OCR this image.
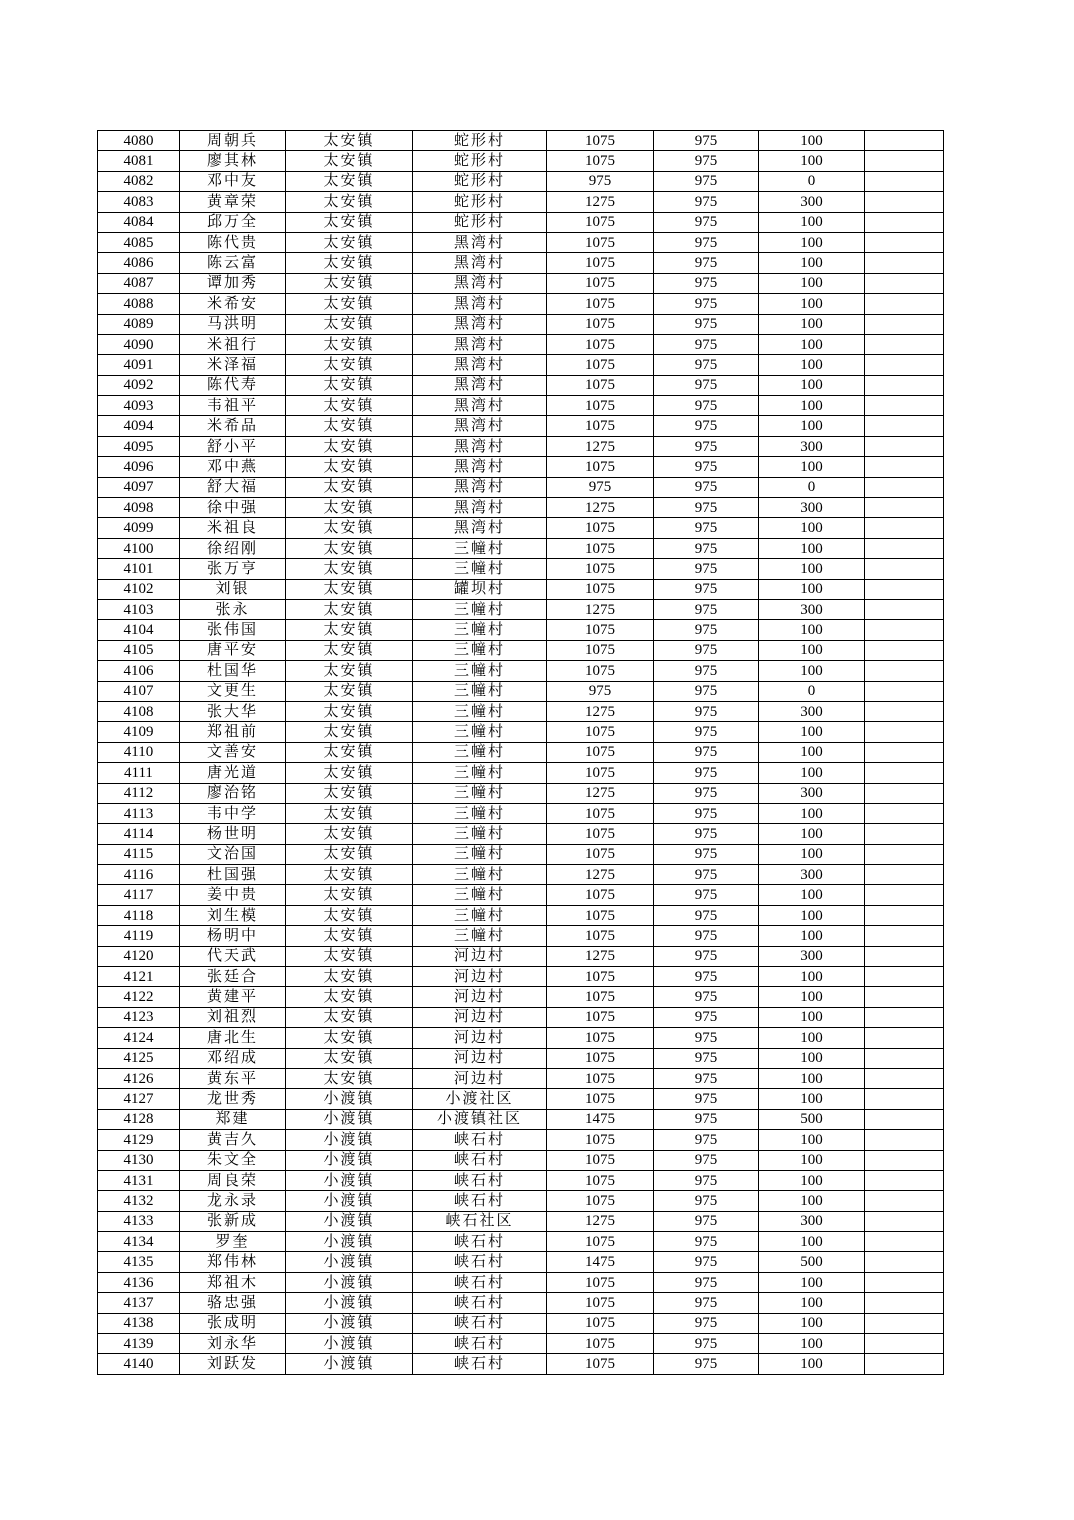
4080	周朝兵	太安镇	蛇形村	1075	975	100	
4081	廖其林	太安镇	蛇形村	1075	975	100	
4082	邓中友	太安镇	蛇形村	975	975	0	
4083	黄章荣	太安镇	蛇形村	1275	975	300	
4084	邱万全	太安镇	蛇形村	1075	975	100	
4085	陈代贵	太安镇	黑湾村	1075	975	100	
4086	陈云富	太安镇	黑湾村	1075	975	100	
4087	谭加秀	太安镇	黑湾村	1075	975	100	
4088	米希安	太安镇	黑湾村	1075	975	100	
4089	马洪明	太安镇	黑湾村	1075	975	100	
4090	米祖行	太安镇	黑湾村	1075	975	100	
4091	米泽福	太安镇	黑湾村	1075	975	100	
4092	陈代寿	太安镇	黑湾村	1075	975	100	
4093	韦祖平	太安镇	黑湾村	1075	975	100	
4094	米希品	太安镇	黑湾村	1075	975	100	
4095	舒小平	太安镇	黑湾村	1275	975	300	
4096	邓中燕	太安镇	黑湾村	1075	975	100	
4097	舒大福	太安镇	黑湾村	975	975	0	
4098	徐中强	太安镇	黑湾村	1275	975	300	
4099	米祖良	太安镇	黑湾村	1075	975	100	
4100	徐绍刚	太安镇	三幢村	1075	975	100	
4101	张万亨	太安镇	三幢村	1075	975	100	
4102	刘银	太安镇	罐坝村	1075	975	100	
4103	张永	太安镇	三幢村	1275	975	300	
4104	张伟国	太安镇	三幢村	1075	975	100	
4105	唐平安	太安镇	三幢村	1075	975	100	
4106	杜国华	太安镇	三幢村	1075	975	100	
4107	文更生	太安镇	三幢村	975	975	0	
4108	张大华	太安镇	三幢村	1275	975	300	
4109	郑祖前	太安镇	三幢村	1075	975	100	
4110	文善安	太安镇	三幢村	1075	975	100	
4111	唐光道	太安镇	三幢村	1075	975	100	
4112	廖治铭	太安镇	三幢村	1275	975	300	
4113	韦中学	太安镇	三幢村	1075	975	100	
4114	杨世明	太安镇	三幢村	1075	975	100	
4115	文治国	太安镇	三幢村	1075	975	100	
4116	杜国强	太安镇	三幢村	1275	975	300	
4117	姜中贵	太安镇	三幢村	1075	975	100	
4118	刘生模	太安镇	三幢村	1075	975	100	
4119	杨明中	太安镇	三幢村	1075	975	100	
4120	代天武	太安镇	河边村	1275	975	300	
4121	张廷合	太安镇	河边村	1075	975	100	
4122	黄建平	太安镇	河边村	1075	975	100	
4123	刘祖烈	太安镇	河边村	1075	975	100	
4124	唐北生	太安镇	河边村	1075	975	100	
4125	邓绍成	太安镇	河边村	1075	975	100	
4126	黄东平	太安镇	河边村	1075	975	100	
4127	龙世秀	小渡镇	小渡社区	1075	975	100	
4128	郑建	小渡镇	小渡镇社区	1475	975	500	
4129	黄吉久	小渡镇	峡石村	1075	975	100	
4130	朱文全	小渡镇	峡石村	1075	975	100	
4131	周良荣	小渡镇	峡石村	1075	975	100	
4132	龙永录	小渡镇	峡石村	1075	975	100	
4133	张新成	小渡镇	峡石社区	1275	975	300	
4134	罗奎	小渡镇	峡石村	1075	975	100	
4135	郑伟林	小渡镇	峡石村	1475	975	500	
4136	郑祖木	小渡镇	峡石村	1075	975	100	
4137	骆忠强	小渡镇	峡石村	1075	975	100	
4138	张成明	小渡镇	峡石村	1075	975	100	
4139	刘永华	小渡镇	峡石村	1075	975	100	
4140	刘跃发	小渡镇	峡石村	1075	975	100	
